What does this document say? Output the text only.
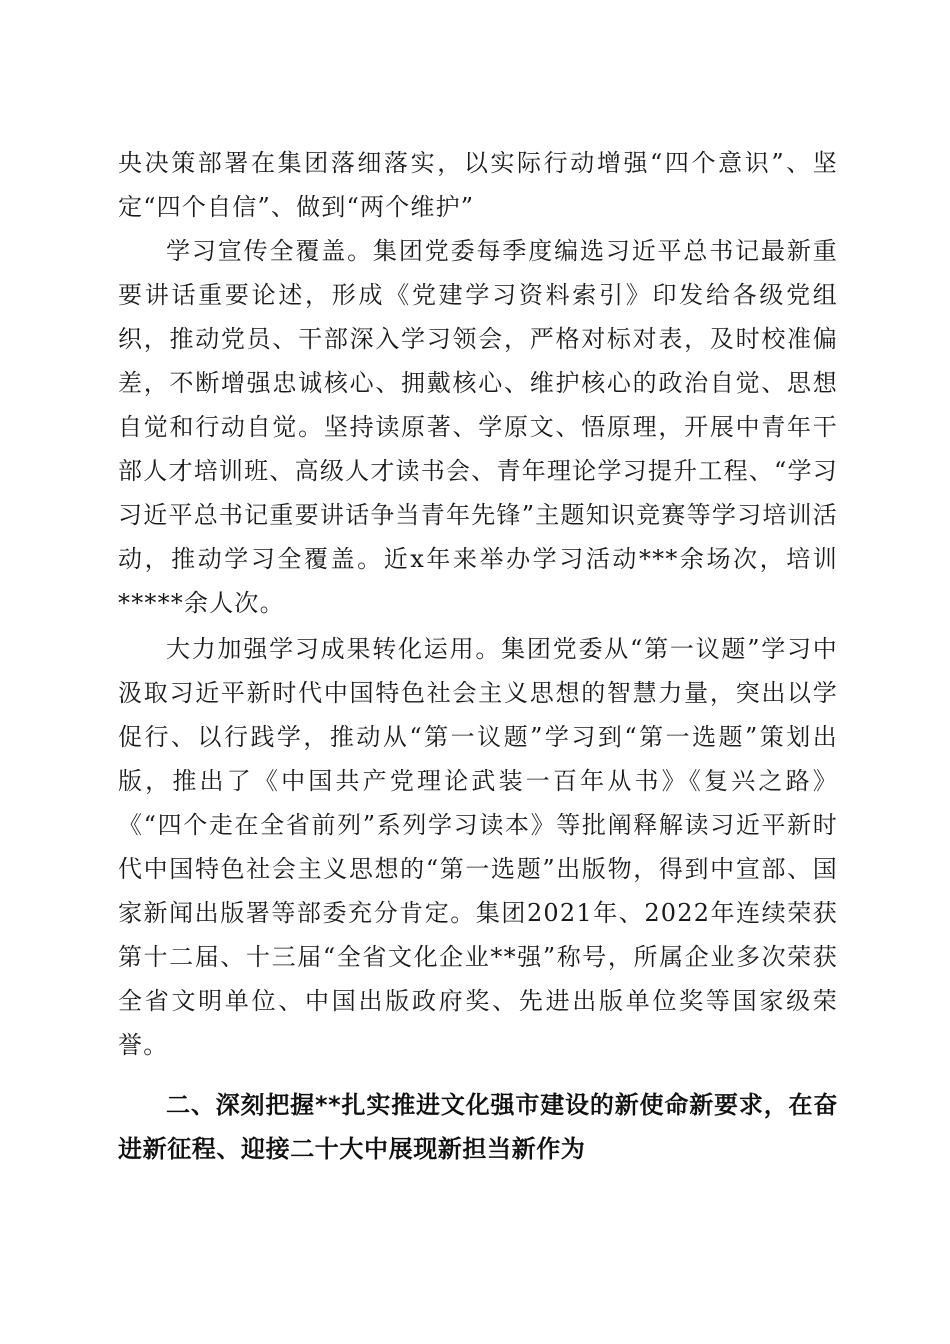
央决策部署在集团落细落实，以实际行动增强“四个意识”、坚定“四个自信”、做到“两个维护”

学习宣传全覆盖。集团党委每季度编选习近平总书记最新重要讲话重要论述，形成《党建学习资料索引》印发给各级党组织，推动党员、干部深入学习领会，严格对标对表，及时校准偏差，不断增强忠诚核心、拥戴核心、维护核心的政治自觉、思想自觉和行动自觉。坚持读原著、学原文、悟原理，开展中青年干部人才培训班、高级人才读书会、青年理论学习提升工程、“学习习近平总书记重要讲话争当青年先锋”主题知识竞赛等学习培训活动，推动学习全覆盖。近x年来举办学习活动***余场次，培训*****余人次。

大力加强学习成果转化运用。集团党委从“第一议题”学习中汲取习近平新时代中国特色社会主义思想的智慧力量，突出以学促行、以行践学，推动从“第一议题”学习到“第一选题”策划出版，推出了《中国共产党理论武装一百年从书》《复兴之路》《“四个走在全省前列”系列学习读本》等批阐释解读习近平新时代中国特色社会主义思想的“第一选题”出版物，得到中宣部、国家新闻出版署等部委充分肯定。集团2021年、2022年连续荣获第十二届、十三届“全省文化企业**强”称号，所属企业多次荣获全省文明单位、中国出版政府奖、先进出版单位奖等国家级荣誉。

二、深刻把握**扎实推进文化强市建设的新使命新要求，在奋进新征程、迎接二十大中展现新担当新作为
